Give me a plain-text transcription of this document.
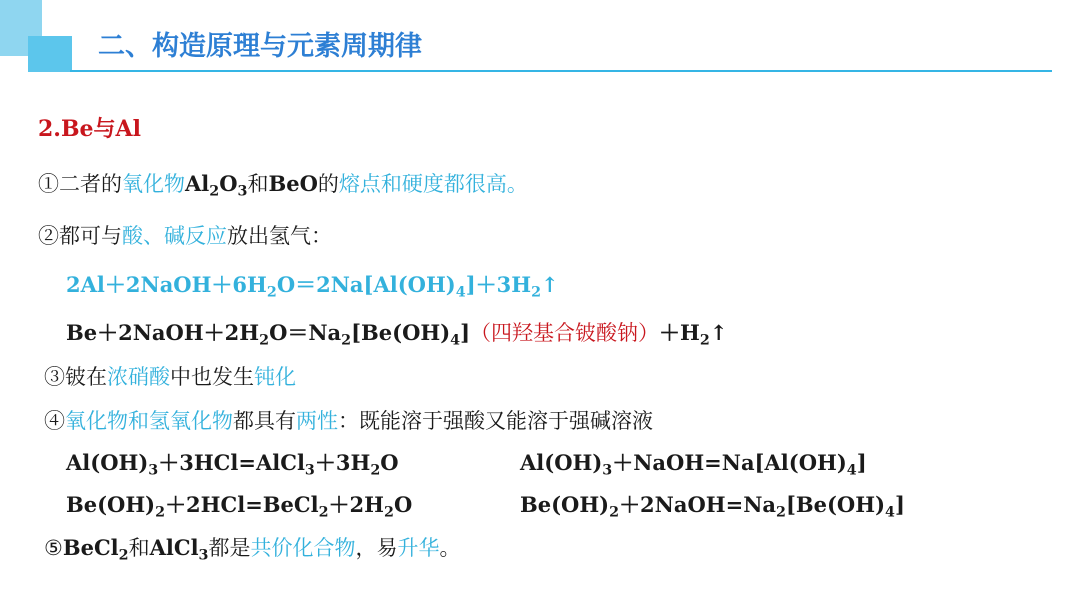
二、构造原理与元素周期律
2.Be与Al
①二者的氧化物$Al_2O_3$和BeO的熔点和硬度都很高。
②都可与酸、碱反应放出氢气：
$2Al+2NaOH+6H_2O=2Na[Al(OH)_4]+3H_2↑$
$Be+2NaOH+2H_2O=Na_2[Be(OH)_4]$（四羟基合铍酸钠）$+H_2↑$
③铍在浓硝酸中也发生钝化
④氧化物和氢氧化物都具有两性：既能溶于强酸又能溶于强碱溶液
$Al(OH)_3+3HCl=AlCl_3+3H_2O$	$Al(OH)_3+NaOH=Na[Al(OH)_4]$
$Be(OH)_2+2HCl=BeCl_2+2H_2O$	$Be(OH)_2+2NaOH=Na_2[Be(OH)_4]$
⑤BeCl$_2$和AlCl$_3$都是共价化合物，易升华。
